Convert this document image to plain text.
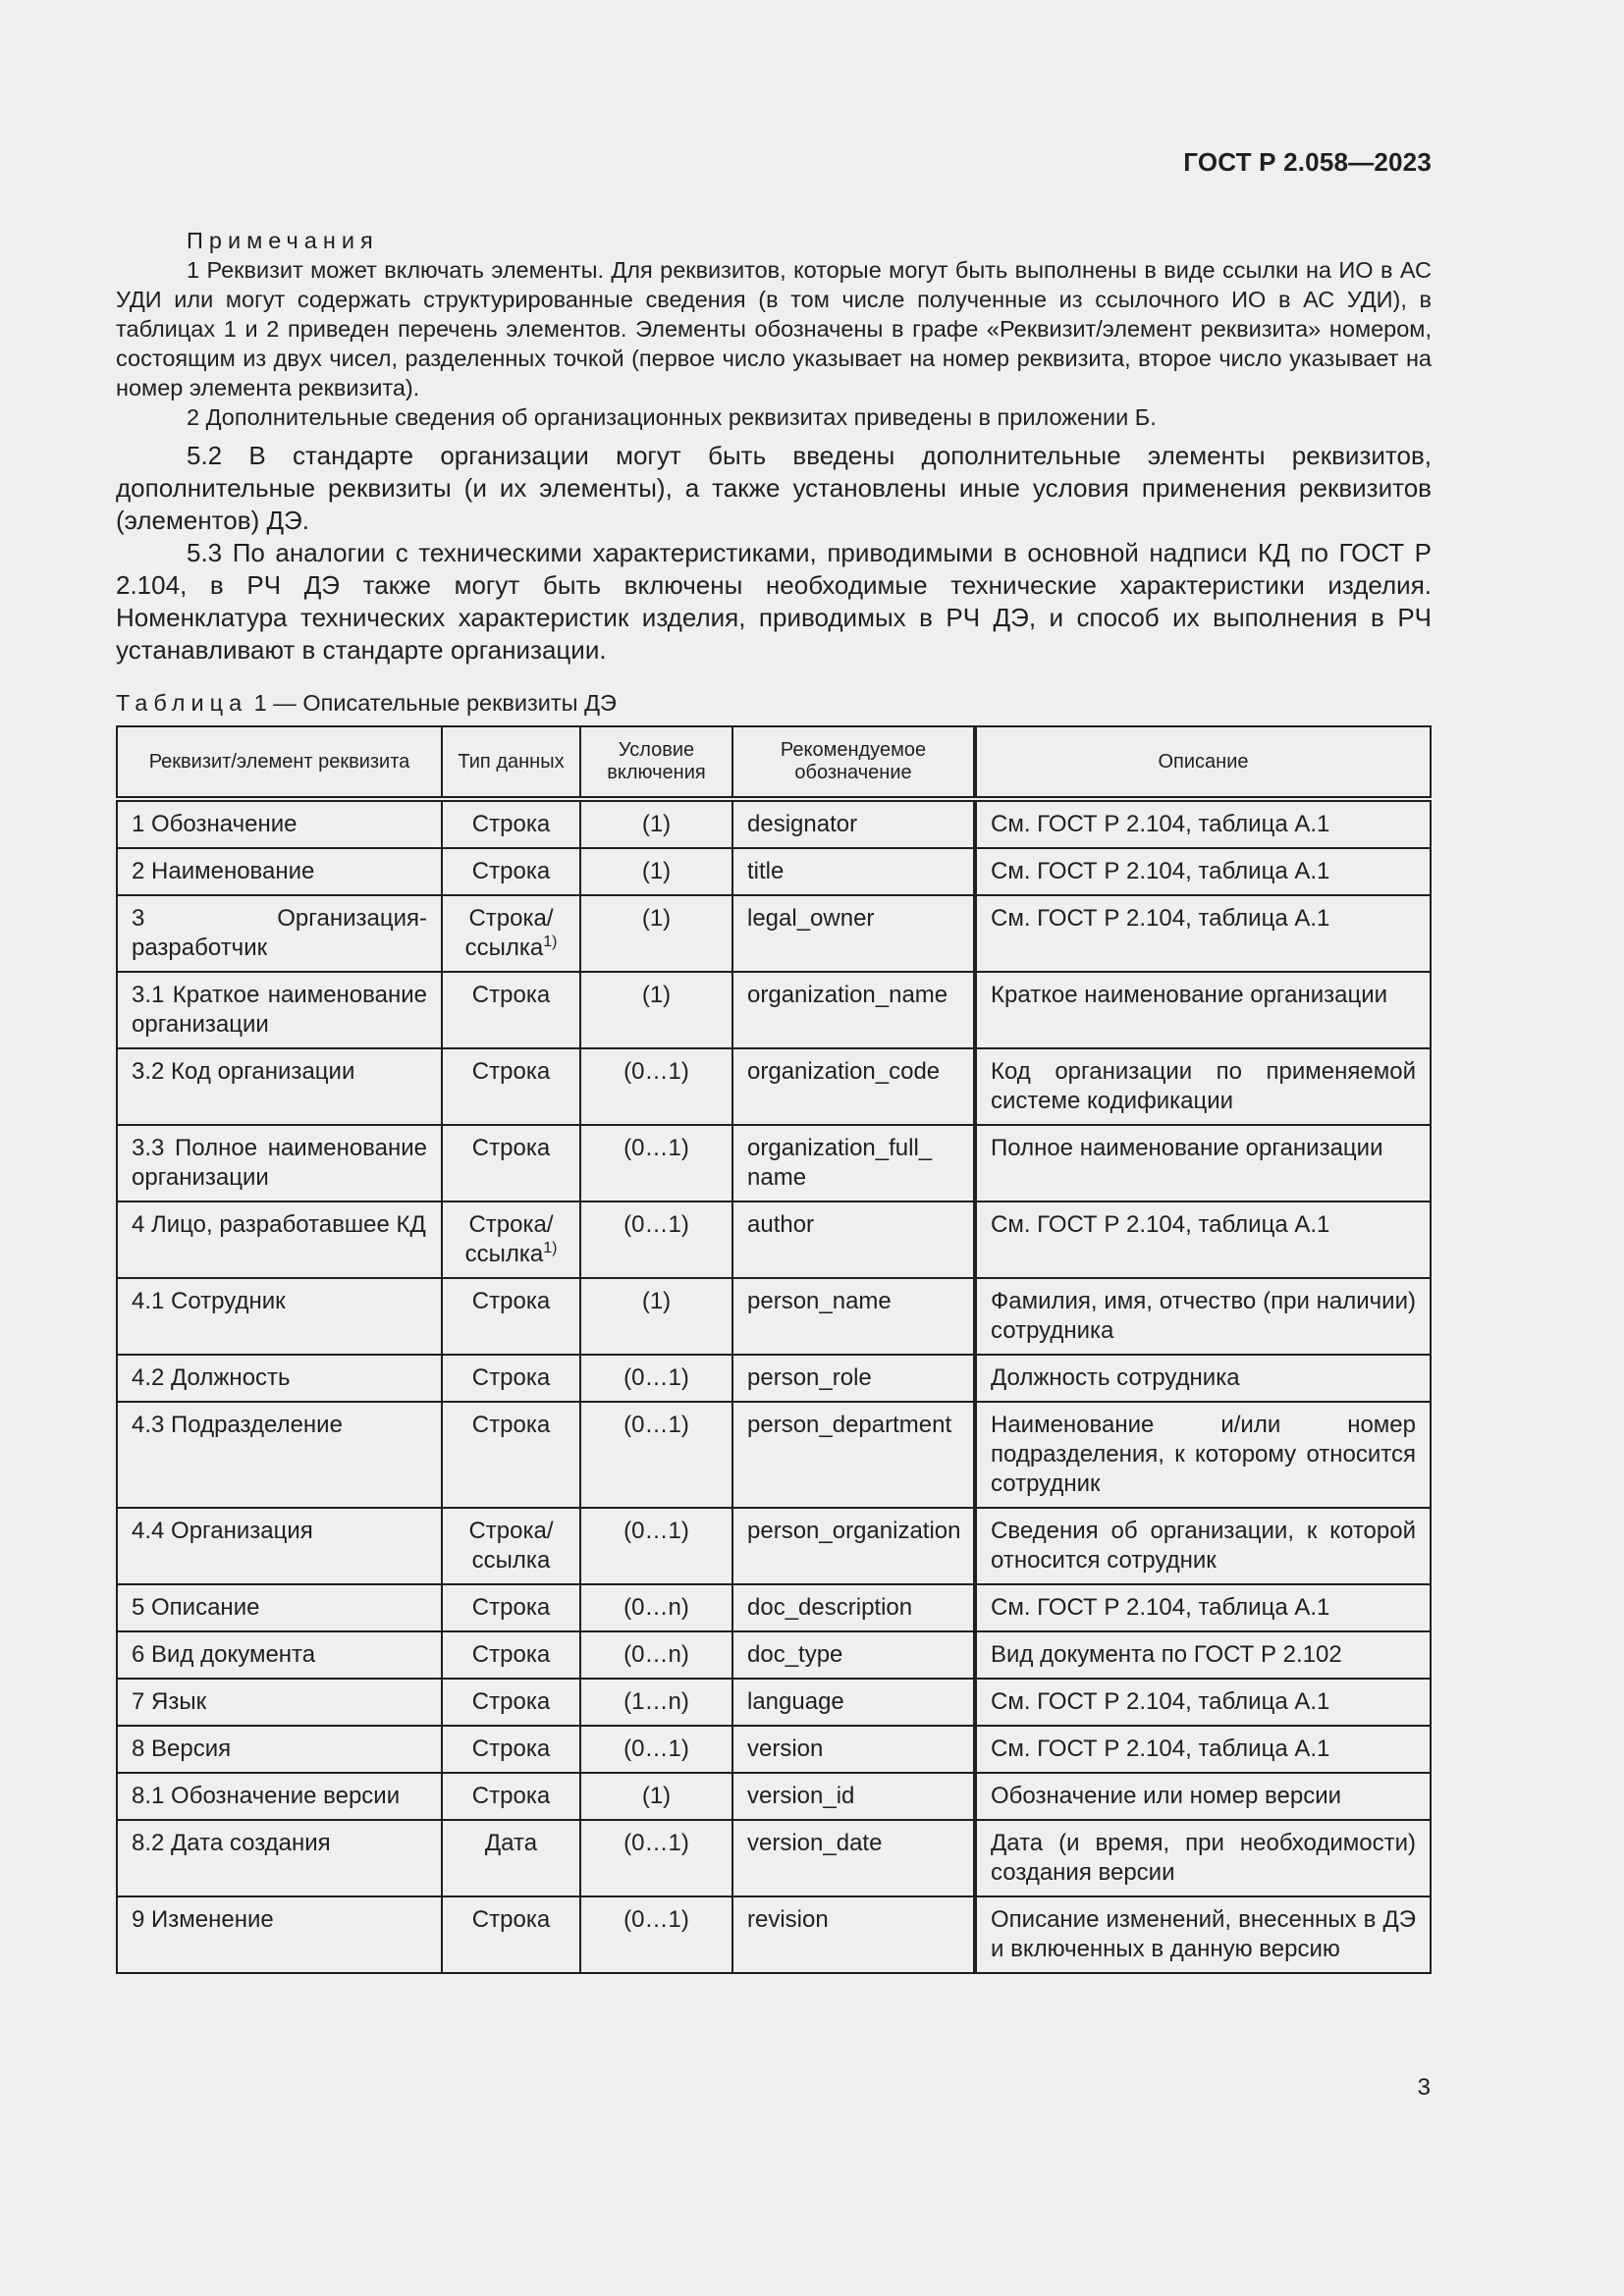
ГОСТ Р 2.058—2023
Примечания

1 Реквизит может включать элементы. Для реквизитов, которые могут быть выполнены в виде ссылки на ИО в АС УДИ или могут содержать структурированные сведения (в том числе полученные из ссылочного ИО в АС УДИ), в таблицах 1 и 2 приведен перечень элементов. Элементы обозначены в графе «Реквизит/элемент реквизита» номером, состоящим из двух чисел, разделенных точкой (первое число указывает на номер реквизита, второе число указывает на номер элемента реквизита).

2 Дополнительные сведения об организационных реквизитах приведены в приложении Б.

5.2 В стандарте организации могут быть введены дополнительные элементы реквизитов, дополнительные реквизиты (и их элементы), а также установлены иные условия применения реквизитов (элементов) ДЭ.

5.3 По аналогии с техническими характеристиками, приводимыми в основной надписи КД по ГОСТ Р 2.104, в РЧ ДЭ также могут быть включены необходимые технические характеристики изделия. Номенклатура технических характеристик изделия, приводимых в РЧ ДЭ, и способ их выполнения в РЧ устанавливают в стандарте организации.

Таблица 1 — Описательные реквизиты ДЭ
Реквизит/элемент реквизита	Тип данных	Условие включения	Рекомендуемое обозначение	Описание
1 Обозначение	Строка	(1)	designator	См. ГОСТ Р 2.104, таблица А.1
2 Наименование	Строка	(1)	title	См. ГОСТ Р 2.104, таблица А.1
3 Организация-разработчик	Строка/ ссылка$^{1)}$	(1)	legal_owner	См. ГОСТ Р 2.104, таблица А.1
3.1 Краткое наименование организации	Строка	(1)	organization_name	Краткое наименование организации
3.2 Код организации	Строка	(0…1)	organization_code	Код организации по применяемой системе кодификации
3.3 Полное наименование организации	Строка	(0…1)	organization_full_ name	Полное наименование организации
4 Лицо, разработавшее КД	Строка/ ссылка$^{1)}$	(0…1)	author	См. ГОСТ Р 2.104, таблица А.1
4.1 Сотрудник	Строка	(1)	person_name	Фамилия, имя, отчество (при наличии) сотрудника
4.2 Должность	Строка	(0…1)	person_role	Должность сотрудника
4.3 Подразделение	Строка	(0…1)	person_department	Наименование и/или номер подразделения, к которому относится сотрудник
4.4 Организация	Строка/ ссылка	(0…1)	person_organization	Сведения об организации, к которой относится сотрудник
5 Описание	Строка	(0…n)	doc_description	См. ГОСТ Р 2.104, таблица А.1
6 Вид документа	Строка	(0…n)	doc_type	Вид документа по ГОСТ Р 2.102
7 Язык	Строка	(1…n)	language	См. ГОСТ Р 2.104, таблица А.1
8 Версия	Строка	(0…1)	version	См. ГОСТ Р 2.104, таблица А.1
8.1 Обозначение версии	Строка	(1)	version_id	Обозначение или номер версии
8.2 Дата создания	Дата	(0…1)	version_date	Дата (и время, при необходимости) создания версии
9 Изменение	Строка	(0…1)	revision	Описание изменений, внесенных в ДЭ и включенных в данную версию
3
